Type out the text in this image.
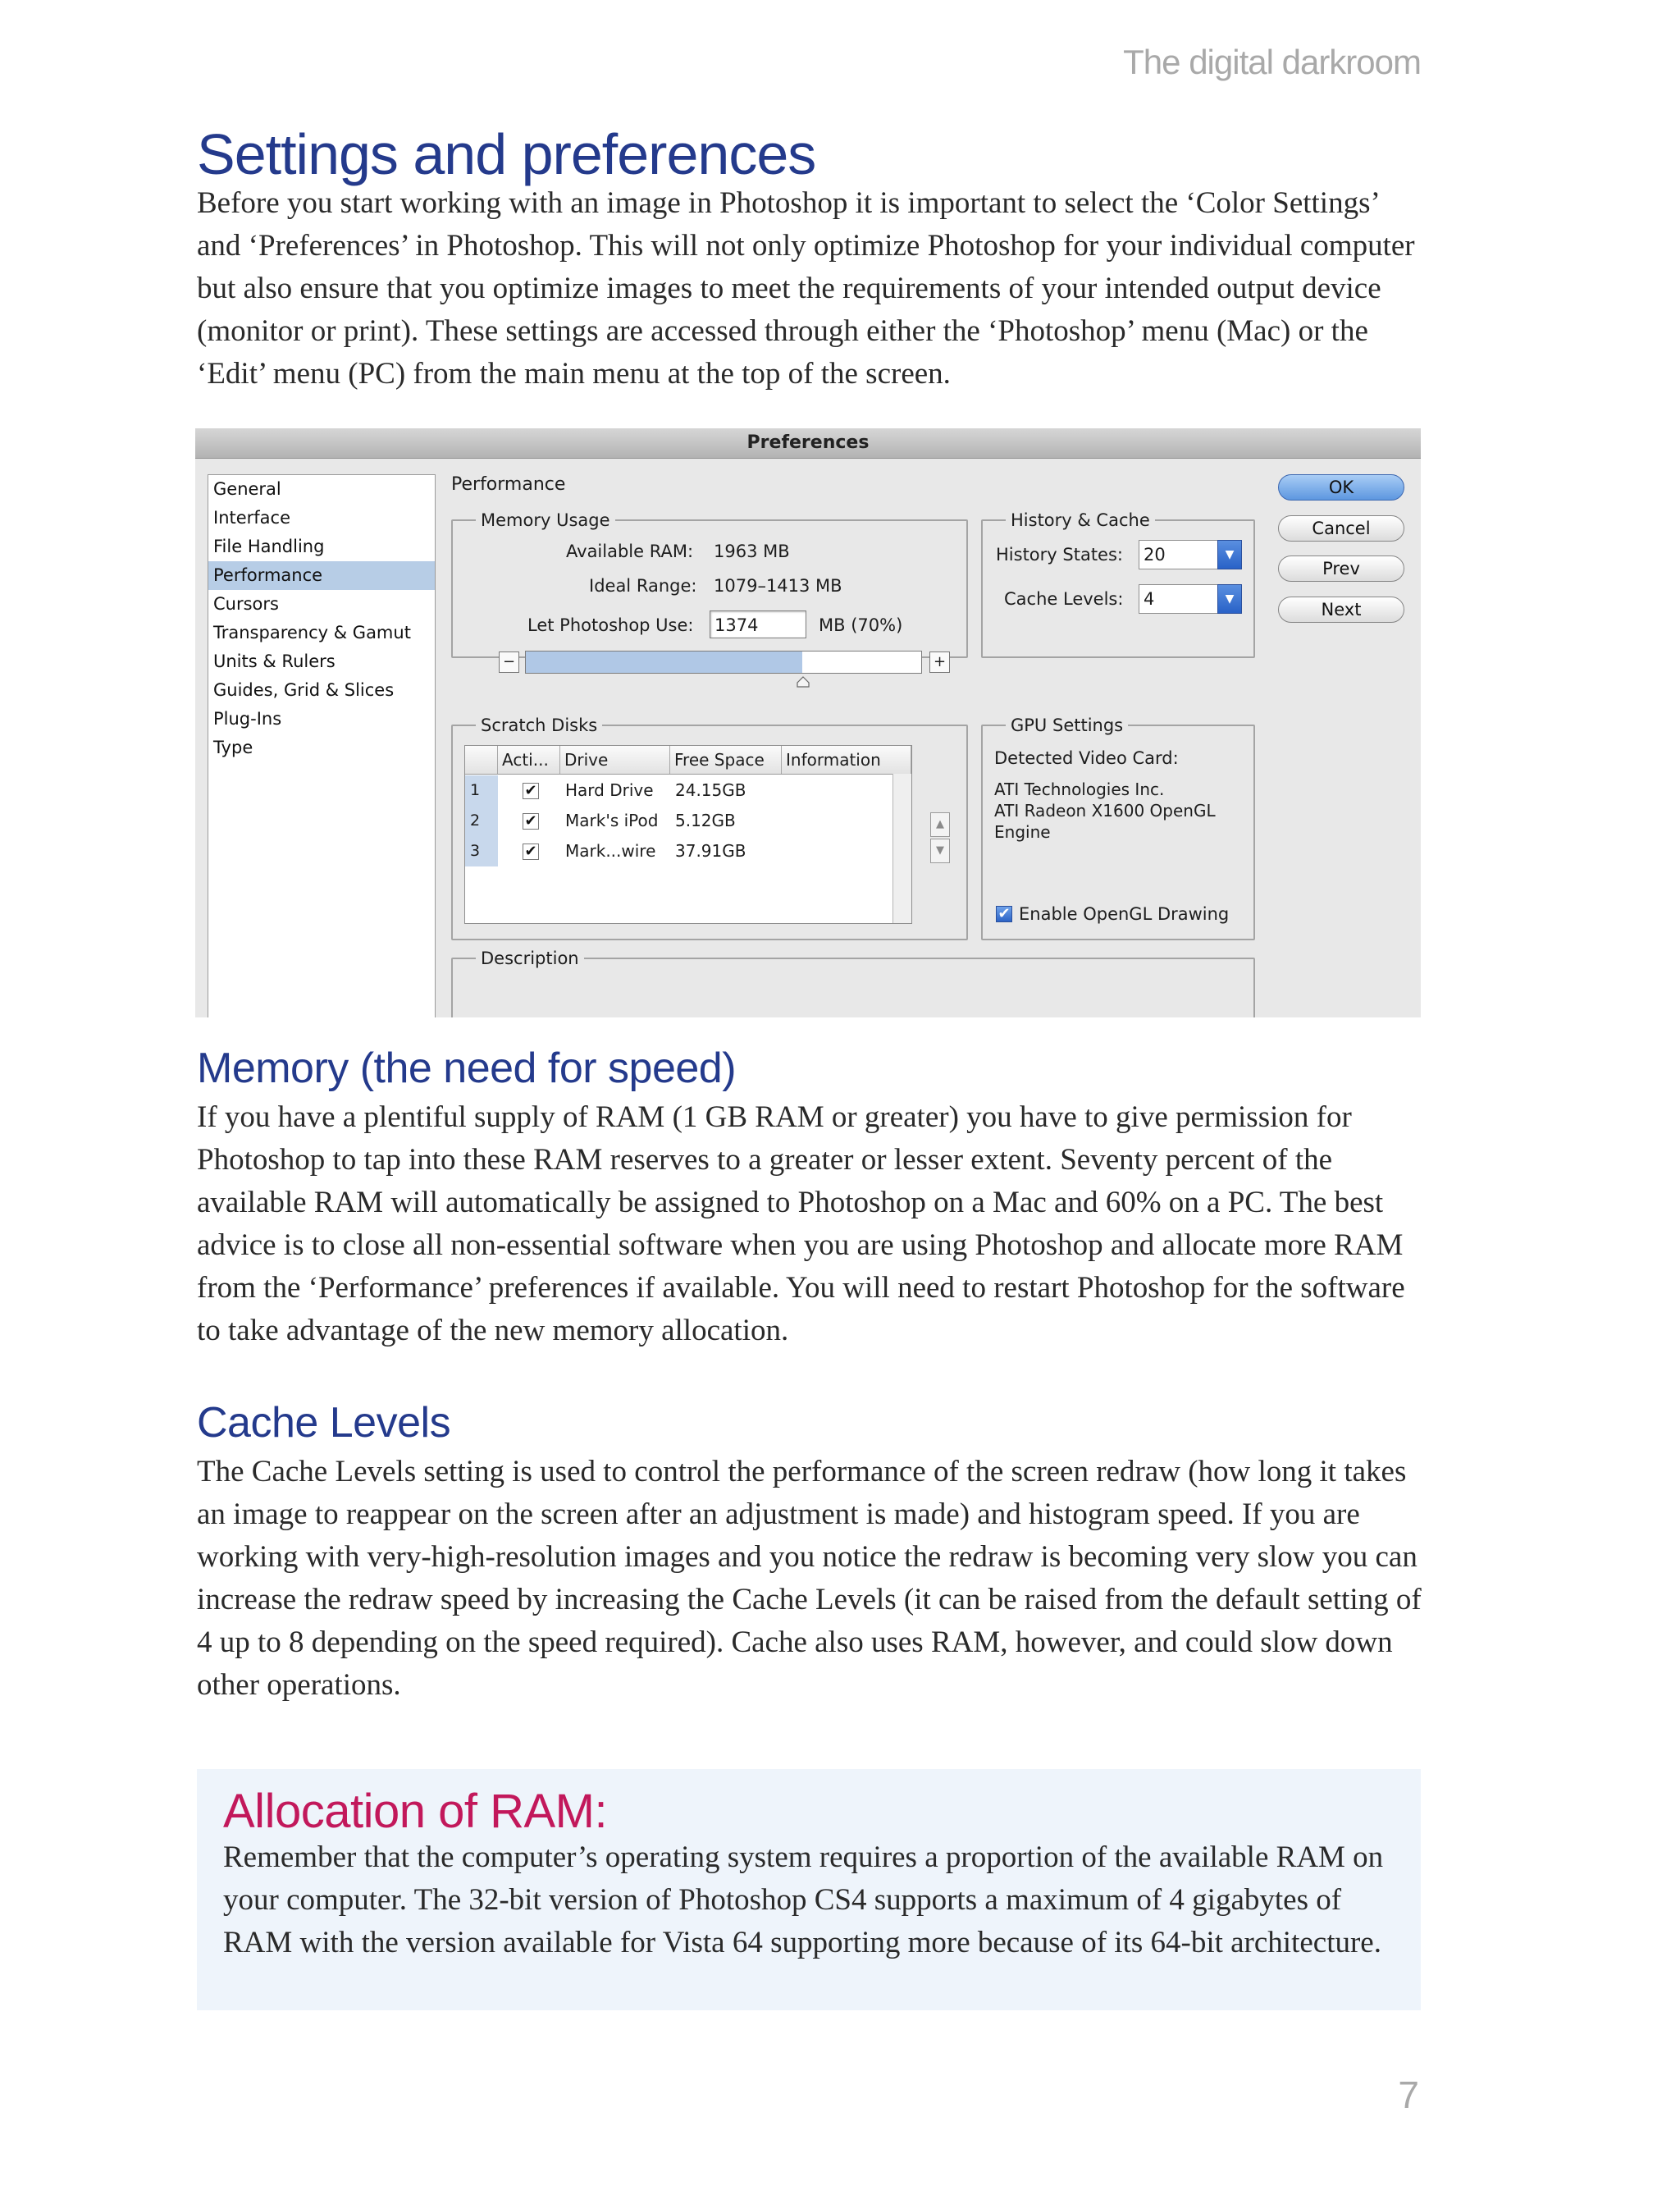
The digital darkroom
Settings and preferences

Before you start working with an image in Photoshop it is important to select the ‘Color Settings’ and ‘Preferences’ in Photoshop. This will not only optimize Photoshop for your individual computer but also ensure that you optimize images to meet the requirements of your intended output device (monitor or print). These settings are accessed through either the ‘Photoshop’ menu (Mac) or the ‘Edit’ menu (PC) from the main menu at the top of the screen.

Preferences
General
Interface
File Handling
Performance
Cursors
Transparency & Gamut
Units & Rulers
Guides, Grid & Slices
Plug-Ins
Type
Performance
Memory Usage
Available RAM: 1963 MB
Ideal Range: 1079–1413 MB
Let Photoshop Use: 1374	MB (70%)
−	+
History & Cache
History States: 20	▼
Cache Levels: 4	▼
OK
Cancel
Prev
Next
Scratch Disks
Acti... Drive	Free Space	Information
1	✔ Hard Drive 24.15GB
2	✔ Mark's iPod 5.12GB
3	✔ Mark...wire 37.91GB
▲
▼
GPU Settings
Detected Video Card:
ATI Technologies Inc.
ATI Radeon X1600 OpenGL
Engine
✔ Enable OpenGL Drawing
Description
Memory (the need for speed)

If you have a plentiful supply of RAM (1 GB RAM or greater) you have to give permission for Photoshop to tap into these RAM reserves to a greater or lesser extent. Seventy percent of the available RAM will automatically be assigned to Photoshop on a Mac and 60% on a PC. The best advice is to close all non-essential software when you are using Photoshop and allocate more RAM from the ‘Performance’ preferences if available. You will need to restart Photoshop for the software to take advantage of the new memory allocation.

Cache Levels

The Cache Levels setting is used to control the performance of the screen redraw (how long it takes an image to reappear on the screen after an adjustment is made) and histogram speed. If you are working with very-high-resolution images and you notice the redraw is becoming very slow you can increase the redraw speed by increasing the Cache Levels (it can be raised from the default setting of 4 up to 8 depending on the speed required). Cache also uses RAM, however, and could slow down other operations.

Allocation of RAM:

Remember that the computer’s operating system requires a proportion of the available RAM on your computer. The 32-bit version of Photoshop CS4 supports a maximum of 4 gigabytes of RAM with the version available for Vista 64 supporting more because of its 64-bit architecture.

7
